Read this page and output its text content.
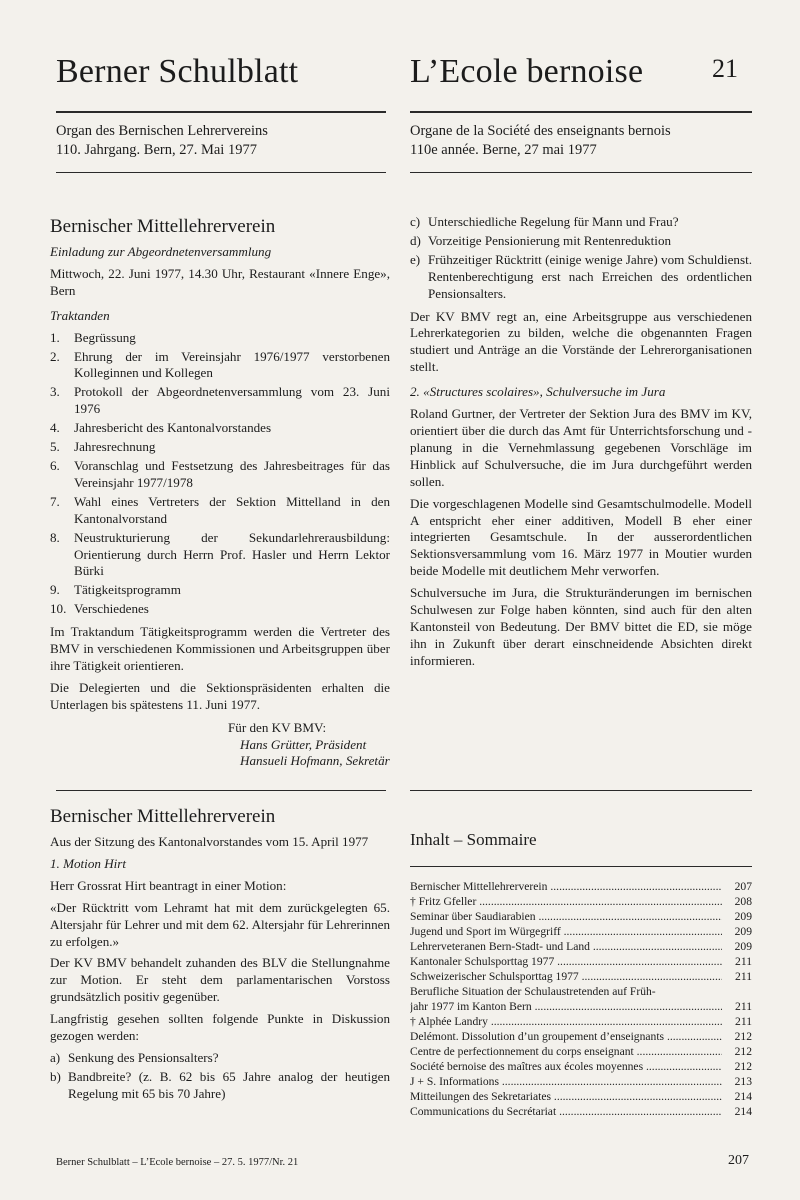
Berner Schulblatt	L’Ecole bernoise	21
Organ des Bernischen Lehrervereins
110. Jahrgang. Bern, 27. Mai 1977
Organe de la Société des enseignants bernois
110e année. Berne, 27 mai 1977
Bernischer Mittellehrerverein

Einladung zur Abgeordnetenversammlung

Mittwoch, 22. Juni 1977, 14.30 Uhr, Restaurant «Innere Enge», Bern

Traktanden

1.	Begrüssung
2.	Ehrung der im Vereinsjahr 1976/1977 verstorbenen Kolleginnen und Kollegen
3.	Protokoll der Abgeordnetenversammlung vom 23. Juni 1976
4.	Jahresbericht des Kantonalvorstandes
5.	Jahresrechnung
6.	Voranschlag und Festsetzung des Jahresbeitrages für das Vereinsjahr 1977/1978
7.	Wahl eines Vertreters der Sektion Mittelland in den Kantonalvorstand
8.	Neustrukturierung der Sekundarlehrerausbildung: Orientierung durch Herrn Prof. Hasler und Herrn Lektor Bürki
9.	Tätigkeitsprogramm
10. Verschiedenes

Im Traktandum Tätigkeitsprogramm werden die Vertreter des BMV in verschiedenen Kommissionen und Arbeitsgruppen über ihre Tätigkeit orientieren.

Die Delegierten und die Sektionspräsidenten erhalten die Unterlagen bis spätestens 11. Juni 1977.

Für den KV BMV:
Hans Grütter, Präsident
Hansueli Hofmann, Sekretär
Bernischer Mittellehrerverein

Aus der Sitzung des Kantonalvorstandes vom 15. April 1977

1. Motion Hirt

Herr Grossrat Hirt beantragt in einer Motion:

«Der Rücktritt vom Lehramt hat mit dem zurückgelegten 65. Altersjahr für Lehrer und mit dem 62. Altersjahr für Lehrerinnen zu erfolgen.»

Der KV BMV behandelt zuhanden des BLV die Stellungnahme zur Motion. Er steht dem parlamentarischen Vorstoss grundsätzlich positiv gegenüber.

Langfristig gesehen sollten folgende Punkte in Diskussion gezogen werden:

a) Senkung des Pensionsalters?
b) Bandbreite? (z. B. 62 bis 65 Jahre analog der heutigen Regelung mit 65 bis 70 Jahre)
c) Unterschiedliche Regelung für Mann und Frau?
d) Vorzeitige Pensionierung mit Rentenreduktion
e) Frühzeitiger Rücktritt (einige wenige Jahre) vom Schuldienst. Rentenberechtigung erst nach Erreichen des ordentlichen Pensionsalters.

Der KV BMV regt an, eine Arbeitsgruppe aus verschiedenen Lehrerkategorien zu bilden, welche die obgenannten Fragen studiert und Anträge an die Vorstände der Lehrerorganisationen stellt.

2. «Structures scolaires», Schulversuche im Jura

Roland Gurtner, der Vertreter der Sektion Jura des BMV im KV, orientiert über die durch das Amt für Unterrichtsforschung und -planung in die Vernehmlassung gegebenen Vorschläge im Hinblick auf Schulversuche, die im Jura durchgeführt werden sollen.

Die vorgeschlagenen Modelle sind Gesamtschulmodelle. Modell A entspricht eher einer additiven, Modell B eher einer integrierten Gesamtschule. In der ausserordentlichen Sektionsversammlung vom 16. März 1977 in Moutier wurden beide Modelle mit deutlichem Mehr verworfen.

Schulversuche im Jura, die Strukturänderungen im bernischen Schulwesen zur Folge haben könnten, sind auch für den alten Kantonsteil von Bedeutung. Der BMV bittet die ED, sie möge ihn in Zukunft über derart einschneidende Absichten direkt informieren.

Inhalt – Sommaire
Bernischer Mittellehrerverein .....	207
† Fritz Gfeller .....	208
Seminar über Saudiarabien .....	209
Jugend und Sport im Würgegriff .....	209
Lehrerveteranen Bern-Stadt- und Land .....	209
Kantonaler Schulsporttag 1977 .....	211
Schweizerischer Schulsporttag 1977 .....	211
Berufliche Situation der Schulaustretenden auf Früh-
jahr 1977 im Kanton Bern .....	211
† Alphée Landry .....	211
Delémont. Dissolution d’un groupement d’enseignants .....	212
Centre de perfectionnement du corps enseignant .....	212
Société bernoise des maîtres aux écoles moyennes .....	212
J + S. Informations .....	213
Mitteilungen des Sekretariates .....	214
Communications du Secrétariat .....	214
Berner Schulblatt – L’Ecole bernoise – 27. 5. 1977/Nr. 21	207
